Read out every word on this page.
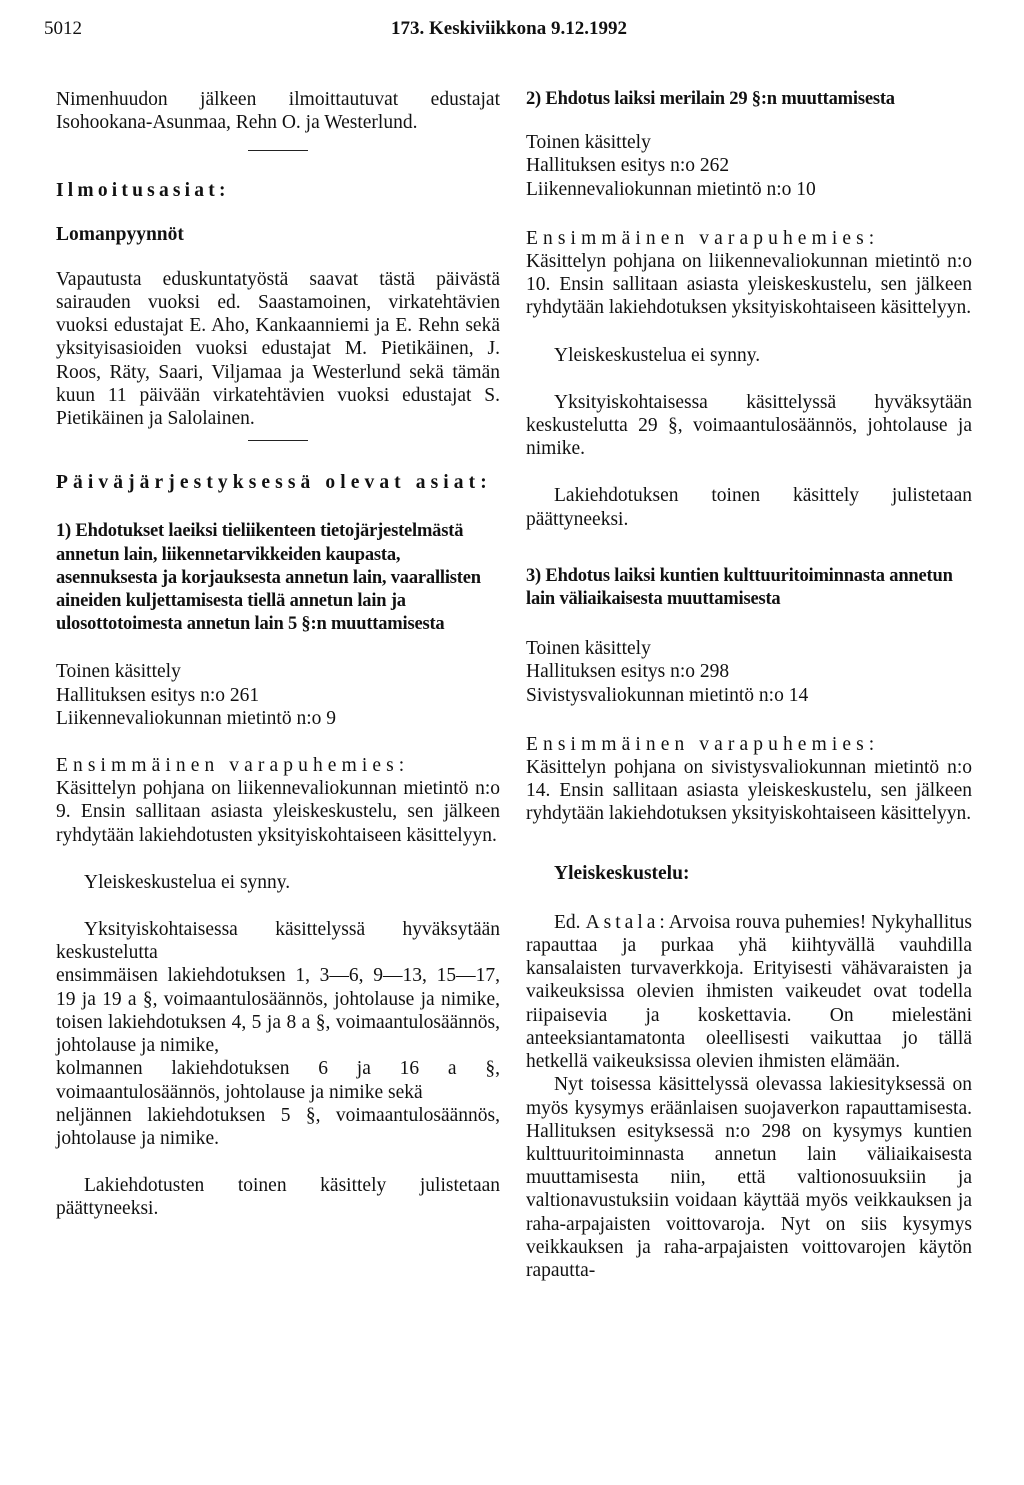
5012	173. Keskiviikkona 9.12.1992

Nimenhuudon jälkeen ilmoittautuvat edustajat Isohookana-Asunmaa, Rehn O. ja Westerlund.

Ilmoitusasiat:

Lomanpyynnöt

Vapautusta eduskuntatyöstä saavat tästä päivästä sairauden vuoksi ed. Saastamoinen, virkatehtävien vuoksi edustajat E. Aho, Kankaanniemi ja E. Rehn sekä yksityisasioiden vuoksi edustajat M. Pietikäinen, J. Roos, Räty, Saari, Viljamaa ja Westerlund sekä tämän kuun 11 päivään virkatehtävien vuoksi edustajat S. Pietikäinen ja Salolainen.

Päiväjärjestyksessä olevat asiat:

1) Ehdotukset laeiksi tieliikenteen tietojärjestelmästä annetun lain, liikennetarvikkeiden kaupasta, asennuksesta ja korjauksesta annetun lain, vaarallisten aineiden kuljettamisesta tiellä annetun lain ja ulosottotoimesta annetun lain 5 §:n muuttamisesta

Toinen käsittely

Hallituksen esitys n:o 261

Liikennevaliokunnan mietintö n:o 9

Ensimmäinen varapuhemies:

Käsittelyn pohjana on liikennevaliokunnan mietintö n:o 9. Ensin sallitaan asiasta yleiskeskustelu, sen jälkeen ryhdytään lakiehdotusten yksityiskohtaiseen käsittelyyn.

Yleiskeskustelua ei synny.

Yksityiskohtaisessa käsittelyssä hyväksytään keskustelutta

ensimmäisen lakiehdotuksen 1, 3—6, 9—13, 15—17, 19 ja 19 a §, voimaantulosäännös, johtolause ja nimike, toisen lakiehdotuksen 4, 5 ja 8 a §, voimaantulosäännös, johtolause ja nimike,

kolmannen lakiehdotuksen 6 ja 16 a §, voimaantulosäännös, johtolause ja nimike sekä

neljännen lakiehdotuksen 5 §, voimaantulosäännös, johtolause ja nimike.

Lakiehdotusten toinen käsittely julistetaan päättyneeksi.

2) Ehdotus laiksi merilain 29 §:n muuttamisesta

Toinen käsittely

Hallituksen esitys n:o 262

Liikennevaliokunnan mietintö n:o 10

Ensimmäinen varapuhemies:

Käsittelyn pohjana on liikennevaliokunnan mietintö n:o 10. Ensin sallitaan asiasta yleiskeskustelu, sen jälkeen ryhdytään lakiehdotuksen yksityiskohtaiseen käsittelyyn.

Yleiskeskustelua ei synny.

Yksityiskohtaisessa käsittelyssä hyväksytään keskustelutta 29 §, voimaantulosäännös, johtolause ja nimike.

Lakiehdotuksen toinen käsittely julistetaan päättyneeksi.

3) Ehdotus laiksi kuntien kulttuuritoiminnasta annetun lain väliaikaisesta muuttamisesta

Toinen käsittely

Hallituksen esitys n:o 298

Sivistysvaliokunnan mietintö n:o 14

Ensimmäinen varapuhemies:

Käsittelyn pohjana on sivistysvaliokunnan mietintö n:o 14. Ensin sallitaan asiasta yleiskeskustelu, sen jälkeen ryhdytään lakiehdotuksen yksityiskohtaiseen käsittelyyn.

Yleiskeskustelu:

Ed. Astala: Arvoisa rouva puhemies! Nykyhallitus rapauttaa ja purkaa yhä kiihtyvällä vauhdilla kansalaisten turvaverkkoja. Erityisesti vähävaraisten ja vaikeuksissa olevien ihmisten vaikeudet ovat todella riipaisevia ja koskettavia. On mielestäni anteeksiantamatonta oleellisesti vaikuttaa jo tällä hetkellä vaikeuksissa olevien ihmisten elämään.

Nyt toisessa käsittelyssä olevassa lakiesityksessä on myös kysymys eräänlaisen suojaverkon rapauttamisesta. Hallituksen esityksessä n:o 298 on kysymys kuntien kulttuuritoiminnasta annetun lain väliaikaisesta muuttamisesta niin, että valtionosuuksiin ja valtionavustuksiin voidaan käyttää myös veikkauksen ja raha-arpajaisten voittovaroja. Nyt on siis kysymys veikkauksen ja raha-arpajaisten voittovarojen käytön rapautta-
